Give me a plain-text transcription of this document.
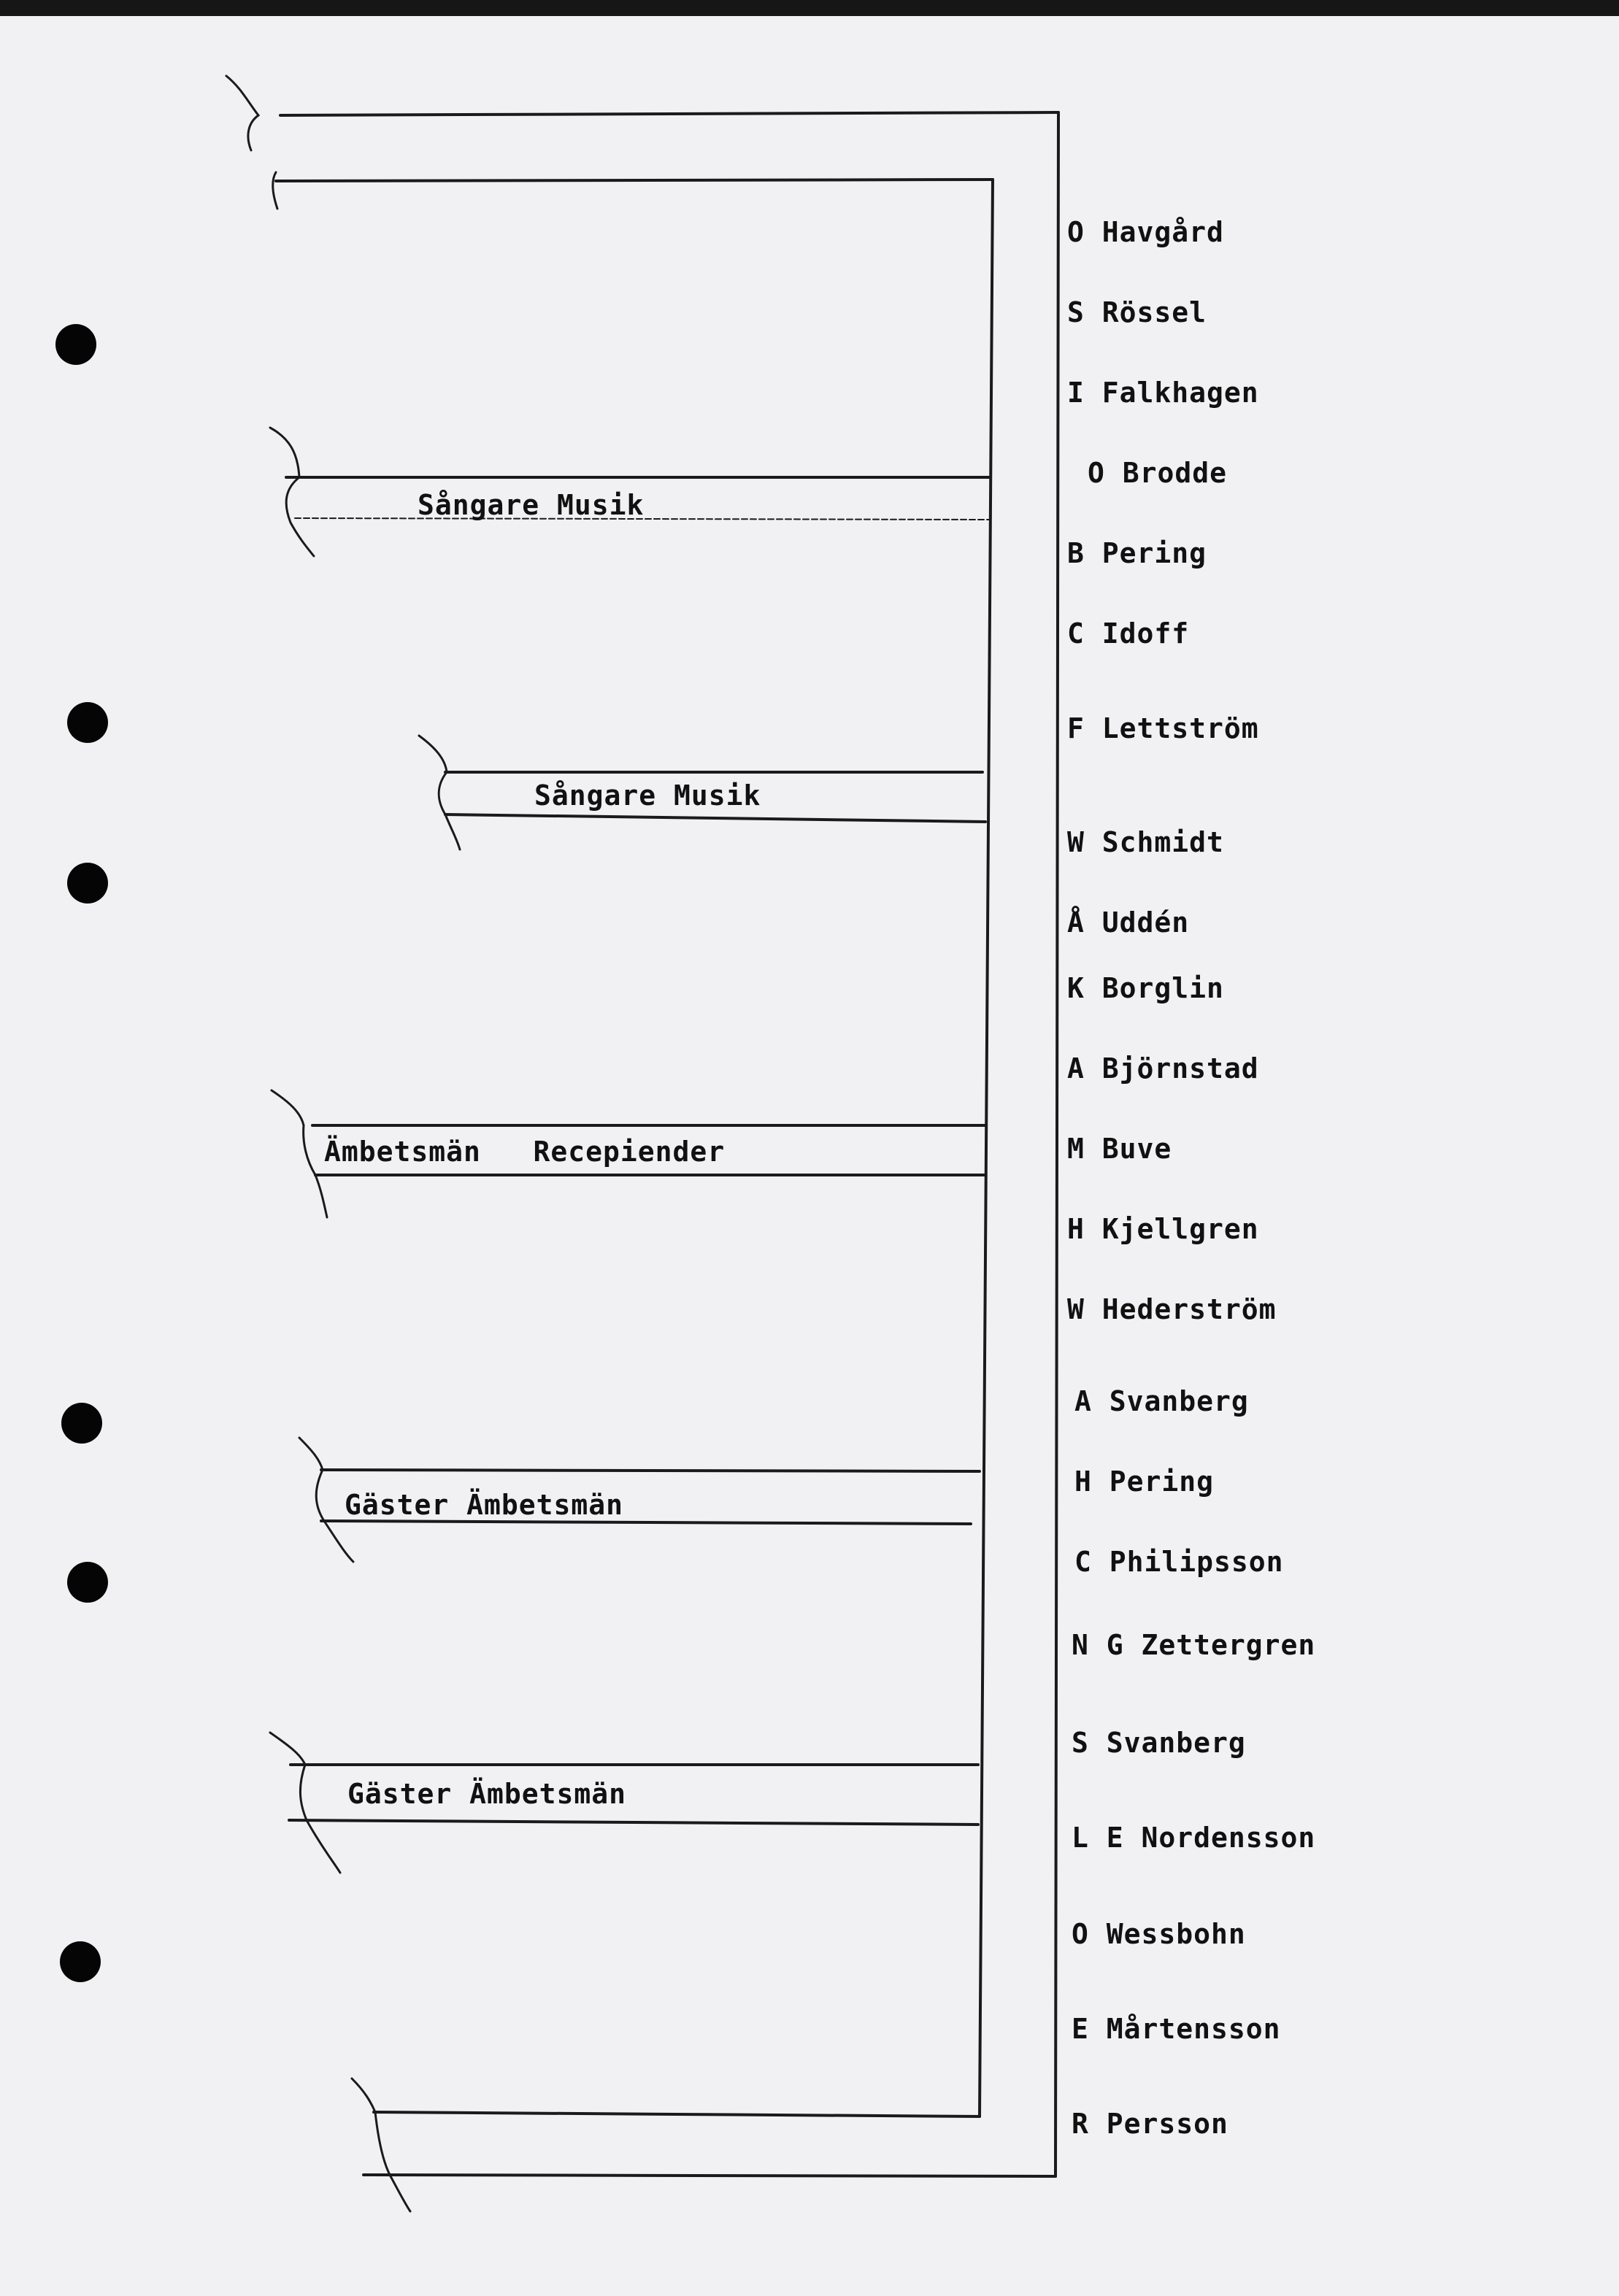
Sångare Musik
Sångare Musik
Ämbetsmän   Recepiender
Gäster Ämbetsmän
Gäster Ämbetsmän
O Havgård
S Rössel
I Falkhagen
O Brodde
B Pering
C Idoff
F Lettström
W Schmidt
Å Uddén
K Borglin
A Björnstad
M Buve
H Kjellgren
W Hederström
A Svanberg
H Pering
C Philipsson
N G Zettergren
S Svanberg
L E Nordensson
O Wessbohn
E Mårtensson
R Persson
